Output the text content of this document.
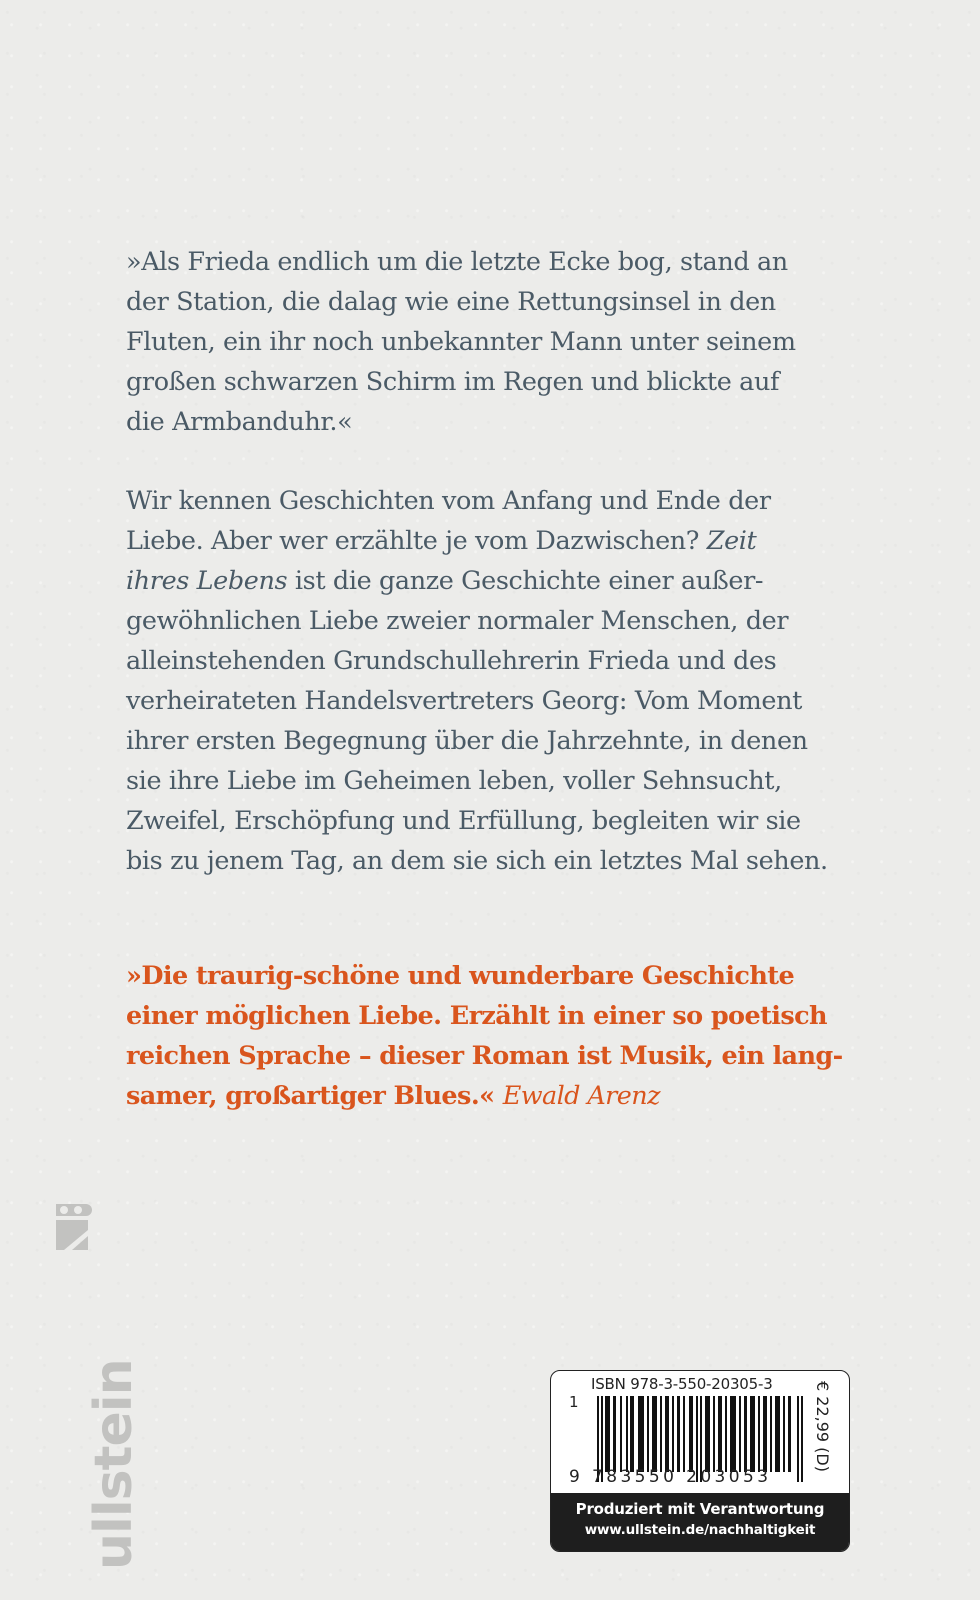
»Als Frieda endlich um die letzte Ecke bog, stand an
der Station, die dalag wie eine Rettungsinsel in den
Fluten, ein ihr noch unbekannter Mann unter seinem
großen schwarzen Schirm im Regen und blickte auf
die Armbanduhr.«
Wir kennen Geschichten vom Anfang und Ende der
Liebe. Aber wer erzählte je vom Dazwischen? Zeit
ihres Lebens ist die ganze Geschichte einer außer-
gewöhnlichen Liebe zweier normaler Menschen, der
alleinstehenden Grundschullehrerin Frieda und des
verheirateten Handelsvertreters Georg: Vom Moment
ihrer ersten Begegnung über die Jahrzehnte, in denen
sie ihre Liebe im Geheimen leben, voller Sehnsucht,
Zweifel, Erschöpfung und Erfüllung, begleiten wir sie
bis zu jenem Tag, an dem sie sich ein letztes Mal sehen.
»Die traurig-schöne und wunderbare Geschichte
einer möglichen Liebe. Erzählt in einer so poetisch
reichen Sprache – dieser Roman ist Musik, ein lang-
samer, großartiger Blues.« Ewald Arenz
ullstein	ISBN 978-3-550-20305-3
1
9 783550 203053
€ 22,99 (D)
Produziert mit Verantwortung
www.ullstein.de/nachhaltigkeit
